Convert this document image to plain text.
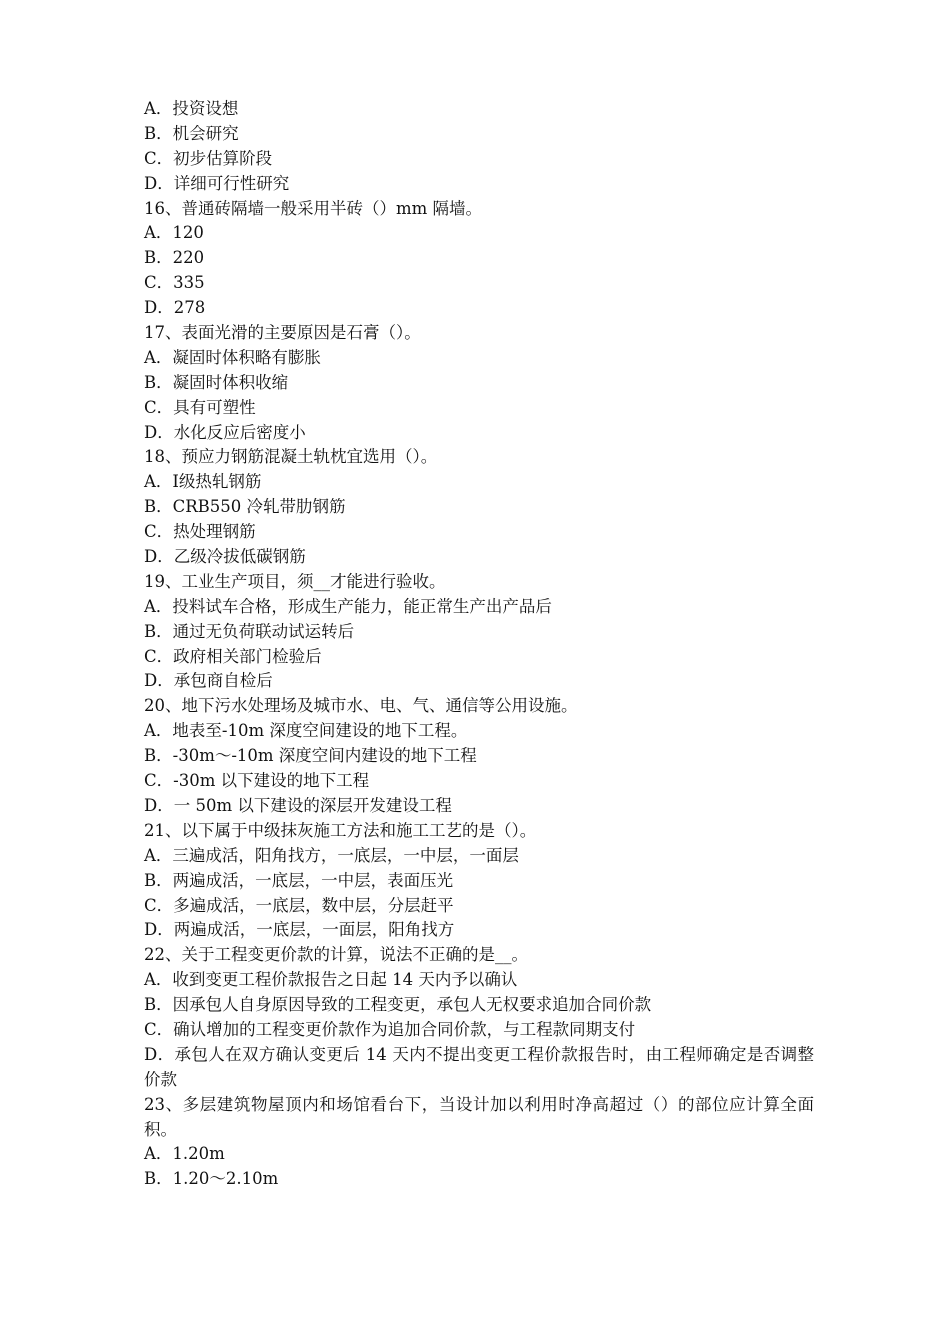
A．投资设想
B．机会研究
C．初步估算阶段
D．详细可行性研究
16、普通砖隔墙一般采用半砖（）mm 隔墙。
A．120
B．220
C．335
D．278
17、表面光滑的主要原因是石膏（）。
A．凝固时体积略有膨胀
B．凝固时体积收缩
C．具有可塑性
D．水化反应后密度小
18、预应力钢筋混凝土轨枕宜选用（）。
A．Ⅰ级热轧钢筋
B．CRB550 冷轧带肋钢筋
C．热处理钢筋
D．乙级冷拔低碳钢筋
19、工业生产项目，须__才能进行验收。
A．投料试车合格，形成生产能力，能正常生产出产品后
B．通过无负荷联动试运转后
C．政府相关部门检验后
D．承包商自检后
20、地下污水处理场及城市水、电、气、通信等公用设施。
A．地表至-10m 深度空间建设的地下工程。
B．-30m～-10m 深度空间内建设的地下工程
C．-30m 以下建设的地下工程
D．一 50m 以下建设的深层开发建设工程
21、以下属于中级抹灰施工方法和施工工艺的是（）。
A．三遍成活，阳角找方，一底层，一中层，一面层
B．两遍成活，一底层，一中层，表面压光
C．多遍成活，一底层，数中层，分层赶平
D．两遍成活，一底层，一面层，阳角找方
22、关于工程变更价款的计算，说法不正确的是__。
A．收到变更工程价款报告之日起 14 天内予以确认
B．因承包人自身原因导致的工程变更，承包人无权要求追加合同价款
C．确认增加的工程变更价款作为追加合同价款，与工程款同期支付
D．承包人在双方确认变更后 14 天内不提出变更工程价款报告时，由工程师确定是否调整价款
23、多层建筑物屋顶内和场馆看台下，当设计加以利用时净高超过（）的部位应计算全面积。
A．1.20m
B．1.20～2.10m
